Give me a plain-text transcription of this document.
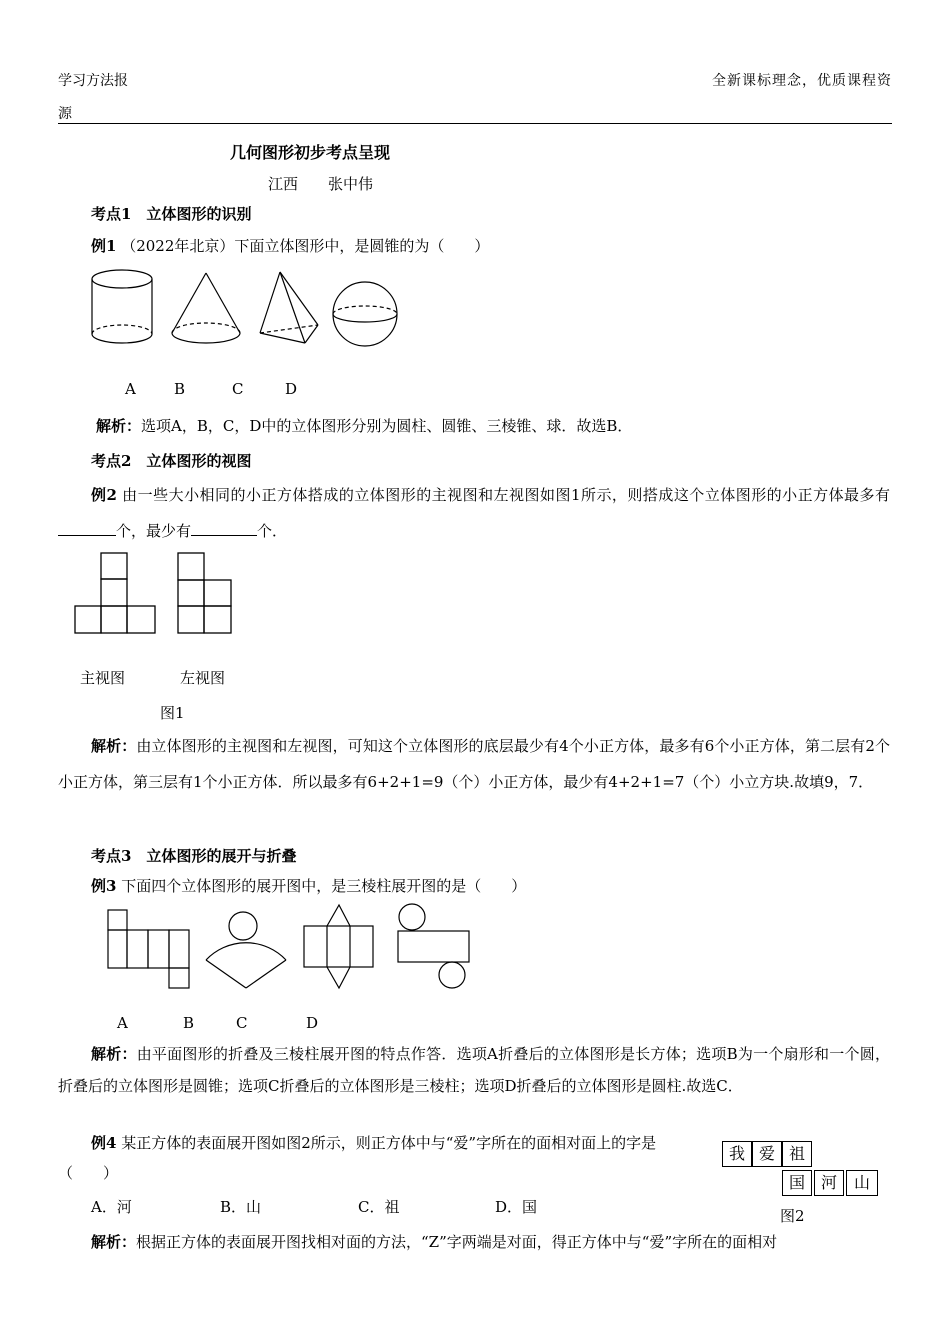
学习方法报
源
全新课标理念，优质课程资
几何图形初步考点呈现
江西　　张中伟
考点1　立体图形的识别
例1 （2022年北京）下面立体图形中，是圆锥的为（　　）
A	B	C	D
解析：选项A，B，C，D中的立体图形分别为圆柱、圆锥、三棱锥、球．故选B．
考点2　立体图形的视图
例2 由一些大小相同的小正方体搭成的立体图形的主视图和左视图如图1所示，则搭成这个立体图形的小正方体最多有个，最少有	个．
主视图	左视图
图1
解析：由立体图形的主视图和左视图，可知这个立体图形的底层最少有4个小正方体，最多有6个小正方体，第二层有2个小正方体，第三层有1个小正方体．所以最多有6+2+1=9（个）小正方体，最少有4+2+1=7（个）小立方块.故填9，7．
考点3　立体图形的展开与折叠
例3 下面四个立体图形的展开图中，是三棱柱展开图的是（　　）
A	B	C	D
解析：由平面图形的折叠及三棱柱展开图的特点作答．选项A折叠后的立体图形是长方体；选项B为一个扇形和一个圆，折叠后的立体图形是圆锥；选项C折叠后的立体图形是三棱柱；选项D折叠后的立体图形是圆柱.故选C．
例4 某正方体的表面展开图如图2所示，则正方体中与“爱”字所在的面相对面上的字是（　　）
A．河	B．山	C．祖	D．国
我 爱 祖
国 河	山
图2
解析：根据正方体的表面展开图找相对面的方法，“Z”字两端是对面，得正方体中与“爱”字所在的面相对
